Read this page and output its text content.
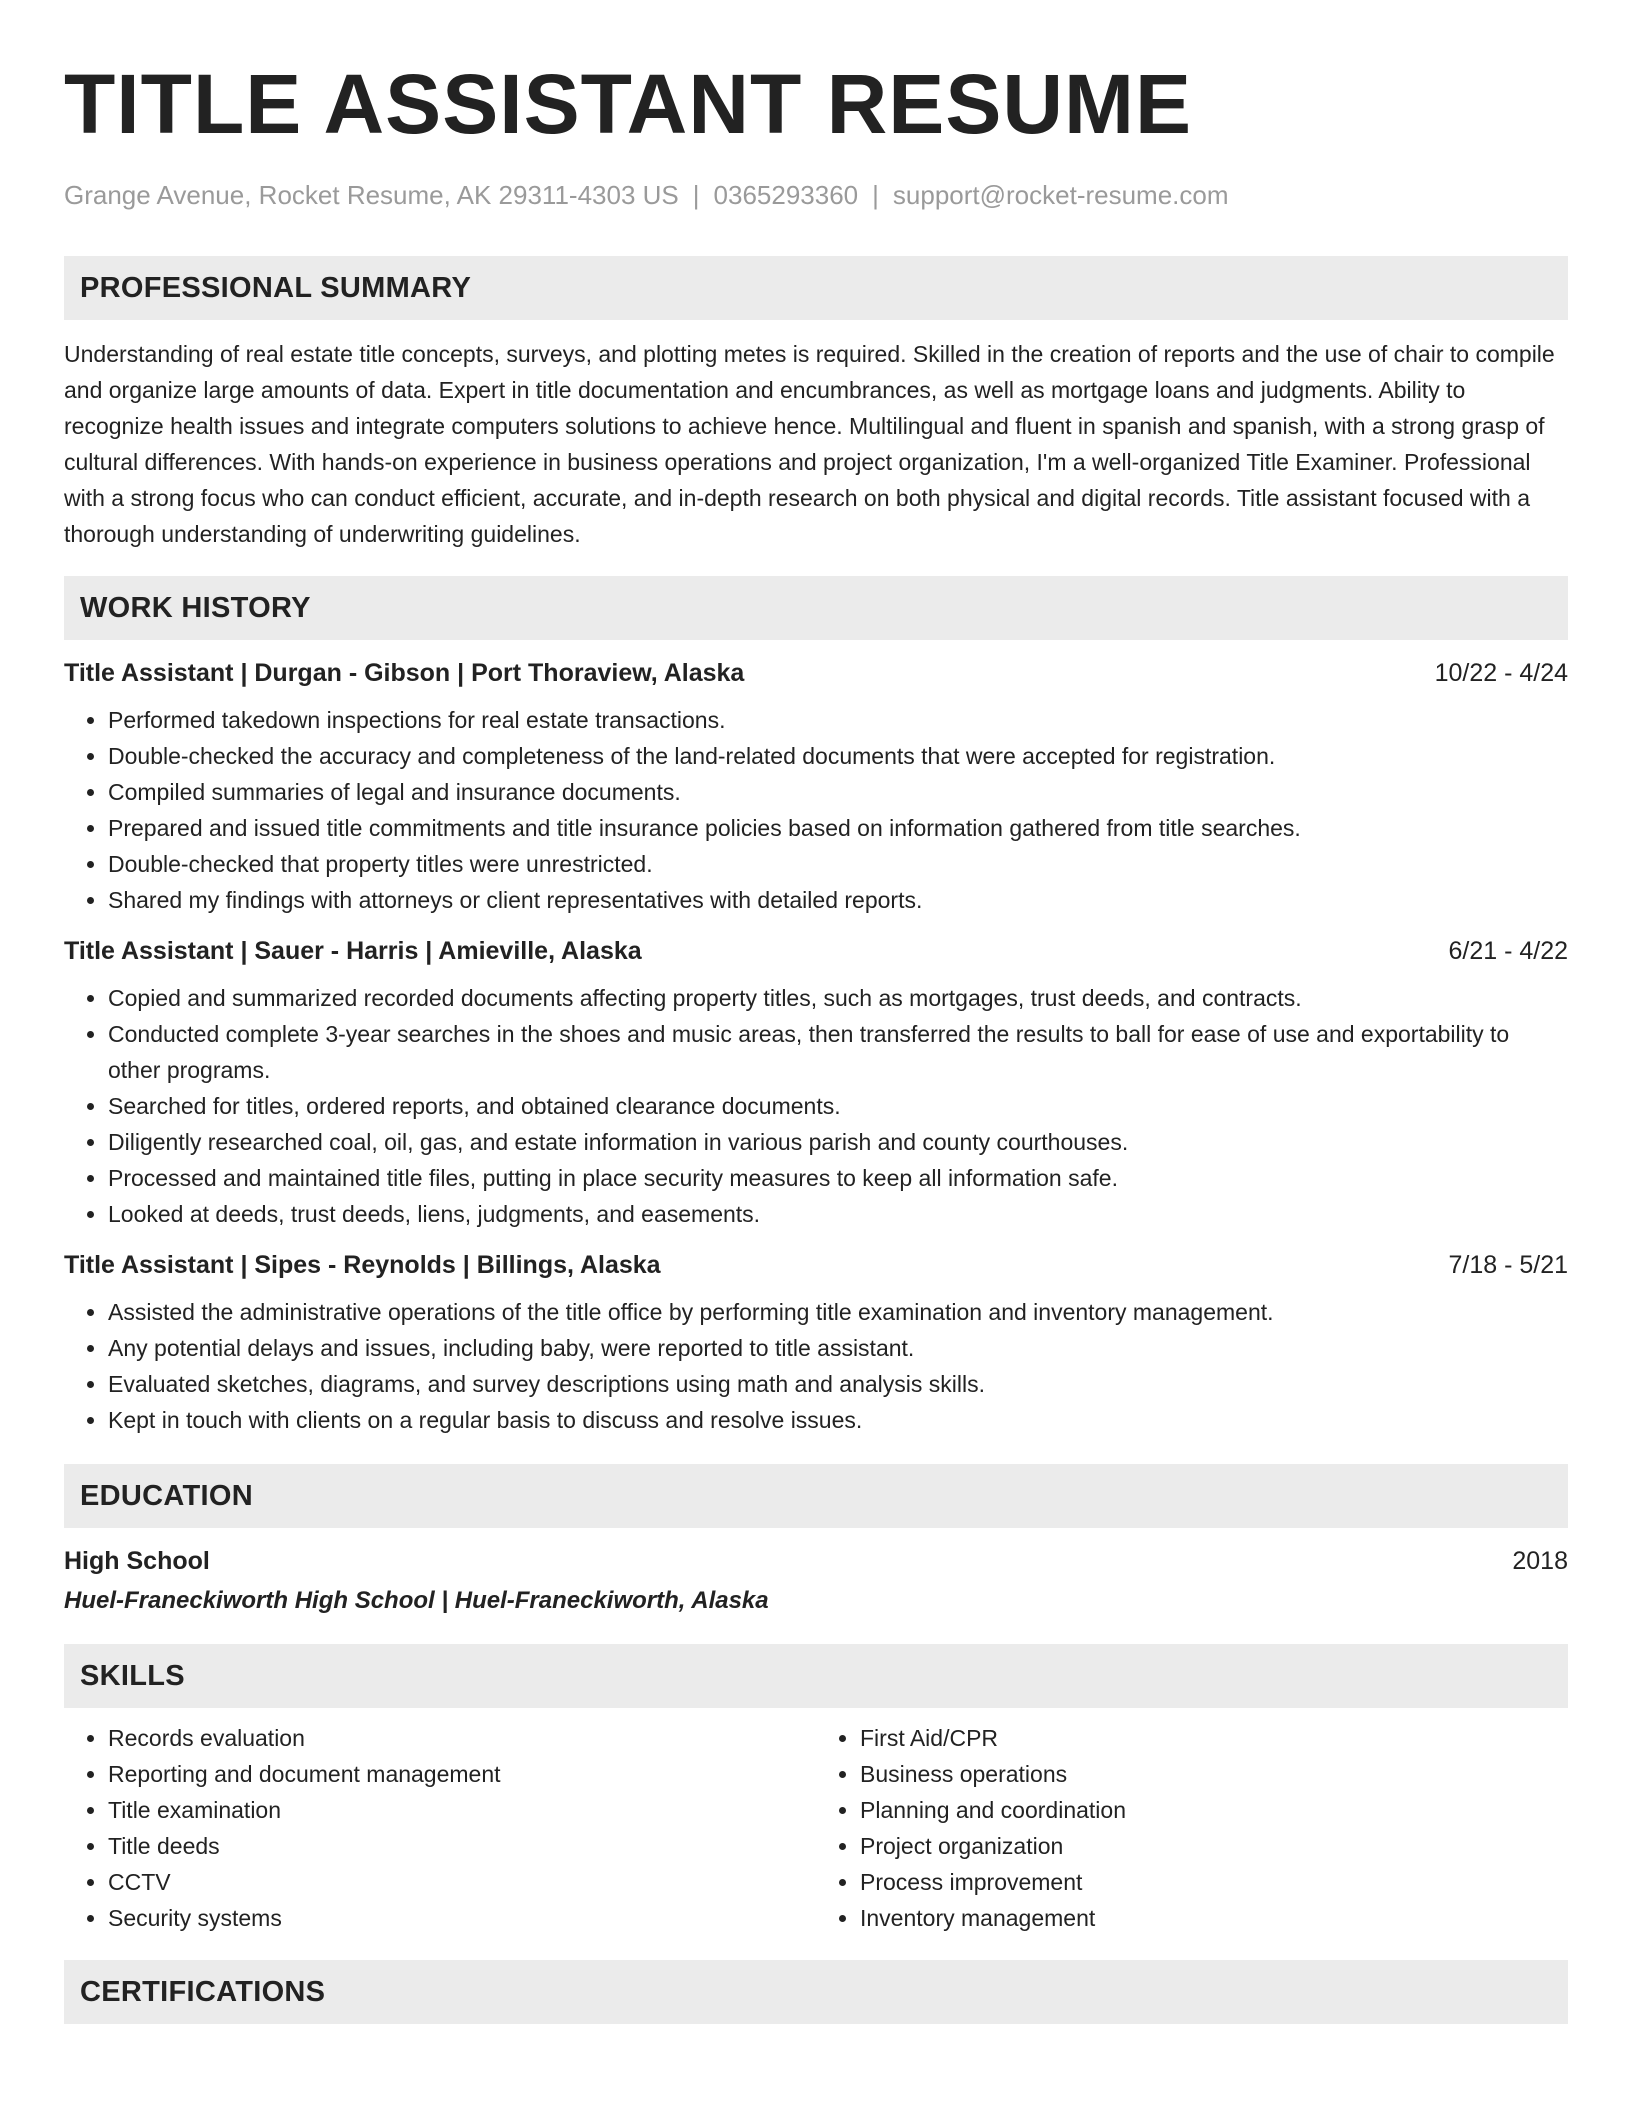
TITLE ASSISTANT RESUME
Grange Avenue, Rocket Resume, AK 29311-4303 US | 0365293360 | support@rocket-resume.com
PROFESSIONAL SUMMARY

Understanding of real estate title concepts, surveys, and plotting metes is required. Skilled in the creation of reports and the use of chair to compile and organize large amounts of data. Expert in title documentation and encumbrances, as well as mortgage loans and judgments. Ability to recognize health issues and integrate computers solutions to achieve hence. Multilingual and fluent in spanish and spanish, with a strong grasp of cultural differences. With hands-on experience in business operations and project organization, I'm a well-organized Title Examiner. Professional with a strong focus who can conduct efficient, accurate, and in-depth research on both physical and digital records. Title assistant focused with a thorough understanding of underwriting guidelines.

WORK HISTORY
Title Assistant | Durgan - Gibson | Port Thoraview, Alaska	10/22 - 4/24
• Performed takedown inspections for real estate transactions.
• Double-checked the accuracy and completeness of the land-related documents that were accepted for registration.
• Compiled summaries of legal and insurance documents.
• Prepared and issued title commitments and title insurance policies based on information gathered from title searches.
• Double-checked that property titles were unrestricted.
• Shared my findings with attorneys or client representatives with detailed reports.
Title Assistant | Sauer - Harris | Amieville, Alaska	6/21 - 4/22
• Copied and summarized recorded documents affecting property titles, such as mortgages, trust deeds, and contracts.
• Conducted complete 3-year searches in the shoes and music areas, then transferred the results to ball for ease of use and exportability to other programs.
• Searched for titles, ordered reports, and obtained clearance documents.
• Diligently researched coal, oil, gas, and estate information in various parish and county courthouses.
• Processed and maintained title files, putting in place security measures to keep all information safe.
• Looked at deeds, trust deeds, liens, judgments, and easements.
Title Assistant | Sipes - Reynolds | Billings, Alaska	7/18 - 5/21
• Assisted the administrative operations of the title office by performing title examination and inventory management.
• Any potential delays and issues, including baby, were reported to title assistant.
• Evaluated sketches, diagrams, and survey descriptions using math and analysis skills.
• Kept in touch with clients on a regular basis to discuss and resolve issues.
EDUCATION
High School	2018
Huel-Franeckiworth High School | Huel-Franeckiworth, Alaska
SKILLS
• Records evaluation
• Reporting and document management
• Title examination
• Title deeds
• CCTV
• Security systems
• First Aid/CPR
• Business operations
• Planning and coordination
• Project organization
• Process improvement
• Inventory management
CERTIFICATIONS
